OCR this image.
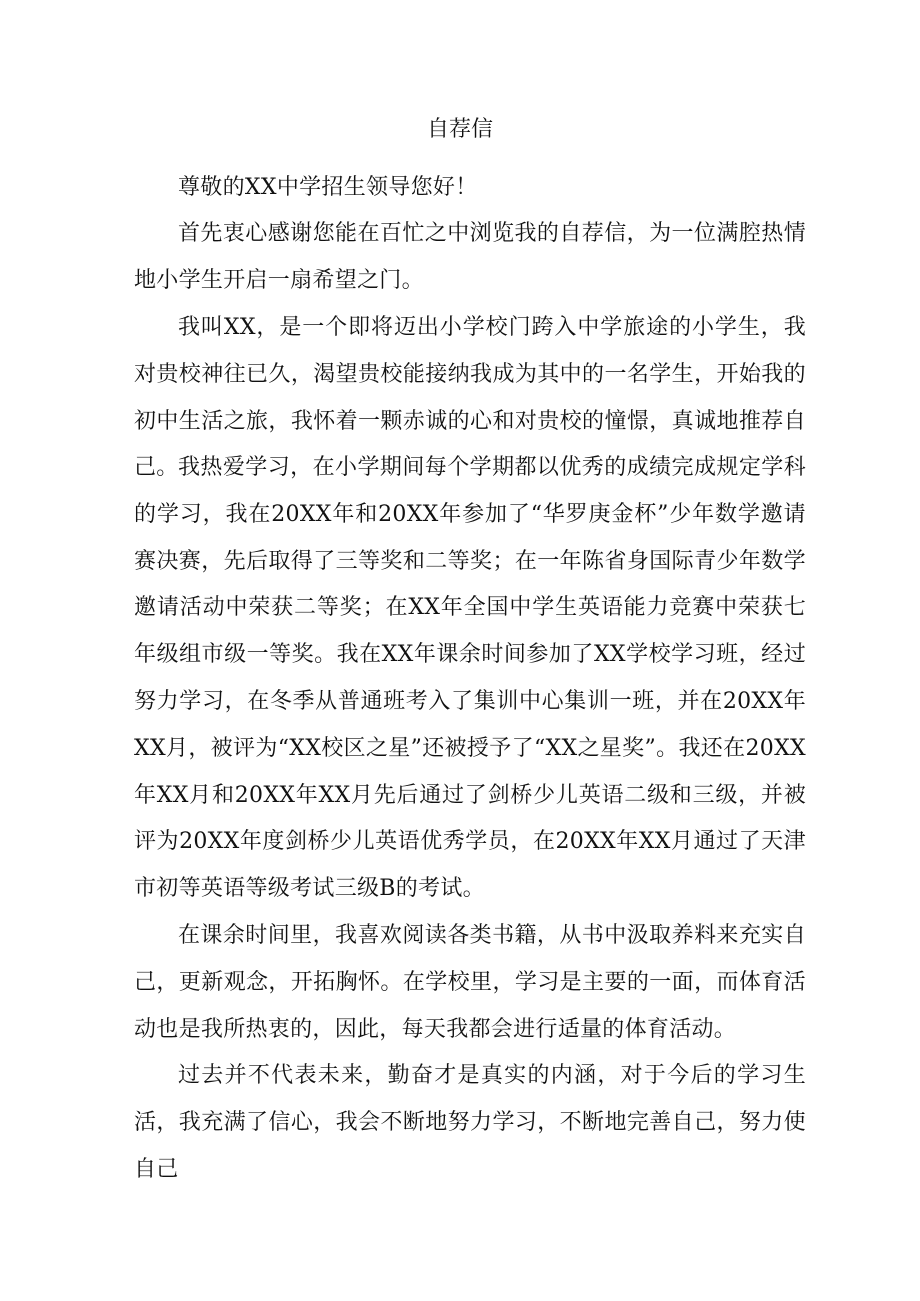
自荐信

尊敬的XX中学招生领导您好！

首先衷心感谢您能在百忙之中浏览我的自荐信，为一位满腔热情地小学生开启一扇希望之门。

我叫XX，是一个即将迈出小学校门跨入中学旅途的小学生，我对贵校神往已久，渴望贵校能接纳我成为其中的一名学生，开始我的初中生活之旅，我怀着一颗赤诚的心和对贵校的憧憬，真诚地推荐自己。 我热爱学习，在小学期间每个学期都以优秀的成绩完成规定学科的学习，我在20XX年和20XX年参加了“华罗庚金杯”少年数学邀请赛决赛，先后取得了三等奖和二等奖；在一年陈省身国际青少年数学邀请活动中荣获二等奖；在XX年全国中学生英语能力竞赛中荣获七年级组市级一等奖。我在XX年课余时间参加了XX学校学习班，经过努力学习，在冬季从普通班考入了集训中心集训一班，并在20XX年XX月，被评为“XX校区之星”还被授予了“XX之星奖”。我还在20XX年XX月和20XX年XX月先后通过了剑桥少儿英语二级和三级，并被评为20XX年度剑桥少儿英语优秀学员，在20XX年XX月通过了天津市初等英语等级考试三级B的考试。

在课余时间里，我喜欢阅读各类书籍，从书中汲取养料来充实自己，更新观念，开拓胸怀。在学校里，学习是主要的一面，而体育活动也是我所热衷的，因此，每天我都会进行适量的体育活动。

过去并不代表未来，勤奋才是真实的内涵，对于今后的学习生活，我充满了信心，我会不断地努力学习，不断地完善自己，努力使自己
